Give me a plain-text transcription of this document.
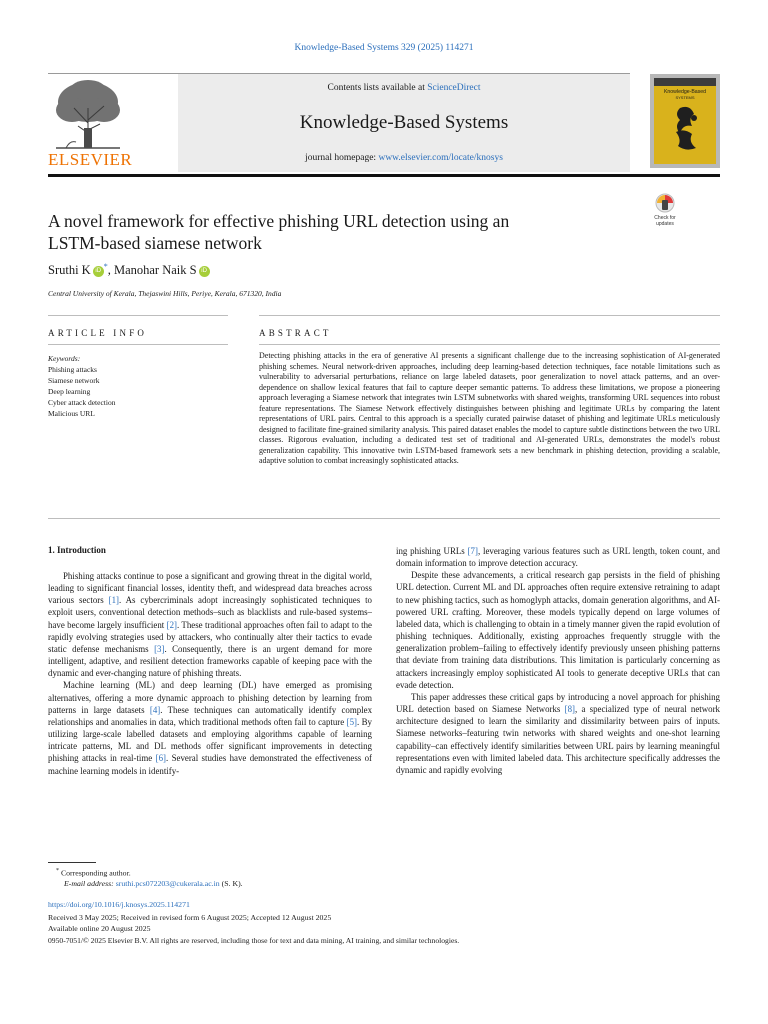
Knowledge-Based Systems 329 (2025) 114271
ELSEVIER
Contents lists available at ScienceDirect
Knowledge-Based Systems
journal homepage: www.elsevier.com/locate/knosys
Knowledge-Based
SYSTEMS
A novel framework for effective phishing URL detection using an
LSTM-based siamese network
Check for
updates
Sruthi K iD*, Manohar Naik S iD
Central University of Kerala, Thejaswini Hills, Periye, Kerala, 671320, India
ARTICLE INFO	ABSTRACT
Keywords:
Phishing attacks
Siamese network
Deep learning
Cyber attack detection
Malicious URL
Detecting phishing attacks in the era of generative AI presents a significant challenge due to the increasing sophistication of AI-generated phishing schemes. Neural network-driven approaches, including deep learning-based detection techniques, face notable limitations such as vulnerability to adversarial perturbations, reliance on large labeled datasets, poor generalization to novel attack patterns, and an over-dependence on shallow lexical features that fail to capture deeper semantic patterns. To address these limitations, we propose a pioneering approach leveraging a Siamese network that integrates twin LSTM subnetworks with shared weights, transforming URL sequences into robust feature representations. The Siamese Network effectively distinguishes between phishing and legitimate URLs by comparing the latent representations of URL pairs. Central to this approach is a specially curated pairwise dataset of phishing and legitimate URLs meticulously designed to facilitate fine-grained similarity analysis. This paired dataset enables the model to capture subtle distinctions between the two URL classes. Rigorous evaluation, including a dedicated test set of traditional and AI-generated URLs, demonstrates the model's robust generalization capability. This innovative twin LSTM-based framework sets a new benchmark in phishing detection, providing a scalable, adaptive solution to combat increasingly sophisticated attacks.
1. Introduction

Phishing attacks continue to pose a significant and growing threat in the digital world, leading to significant financial losses, identity theft, and widespread data breaches across various sectors [1]. As cybercriminals adopt increasingly sophisticated techniques to exploit users, conventional detection methods–such as blacklists and rule-based systems–have become largely insufficient [2]. These traditional approaches often fail to adapt to the rapidly evolving strategies used by attackers, who continually alter their tactics to evade static defense mechanisms [3]. Consequently, there is an urgent demand for more intelligent, adaptive, and resilient detection frameworks capable of keeping pace with the dynamic and ever-changing nature of phishing threats.

Machine learning (ML) and deep learning (DL) have emerged as promising alternatives, offering a more dynamic approach to phishing detection by learning from patterns in large datasets [4]. These techniques can automatically identify complex relationships and anomalies in data, which traditional methods often fail to capture [5]. By utilizing large-scale labelled datasets and employing algorithms capable of learning intricate patterns, ML and DL methods offer significant improvements in detecting phishing attacks in real-time [6]. Several studies have demonstrated the effectiveness of machine learning models in identify-

ing phishing URLs [7], leveraging various features such as URL length, token count, and domain information to improve detection accuracy.

Despite these advancements, a critical research gap persists in the field of phishing URL detection. Current ML and DL approaches often require extensive retraining to adapt to new phishing tactics, such as homoglyph attacks, domain generation algorithms, and AI-powered URL crafting. Moreover, these models typically depend on large volumes of labeled data, which is challenging to obtain in a timely manner given the rapid evolution of phishing techniques. Additionally, existing approaches frequently struggle with the generalization problem–failing to effectively identify previously unseen phishing patterns that deviate from training data distributions. This limitation is particularly concerning as attackers increasingly employ sophisticated AI tools to generate deceptive URLs that can evade detection.

This paper addresses these critical gaps by introducing a novel approach for phishing URL detection based on Siamese Networks [8], a specialized type of neural network architecture designed to learn the similarity and dissimilarity between pairs of inputs. Siamese networks–featuring twin networks with shared weights and one-shot learning capability–can effectively identify similarities between URL pairs by learning meaningful representations even with limited labeled data. This architecture specifically addresses the dynamic and rapidly evolving

* Corresponding author.
E-mail address: sruthi.pcs072203@cukerala.ac.in (S. K).
https://doi.org/10.1016/j.knosys.2025.114271
Received 3 May 2025; Received in revised form 6 August 2025; Accepted 12 August 2025
Available online 20 August 2025
0950-7051/© 2025 Elsevier B.V. All rights are reserved, including those for text and data mining, AI training, and similar technologies.
